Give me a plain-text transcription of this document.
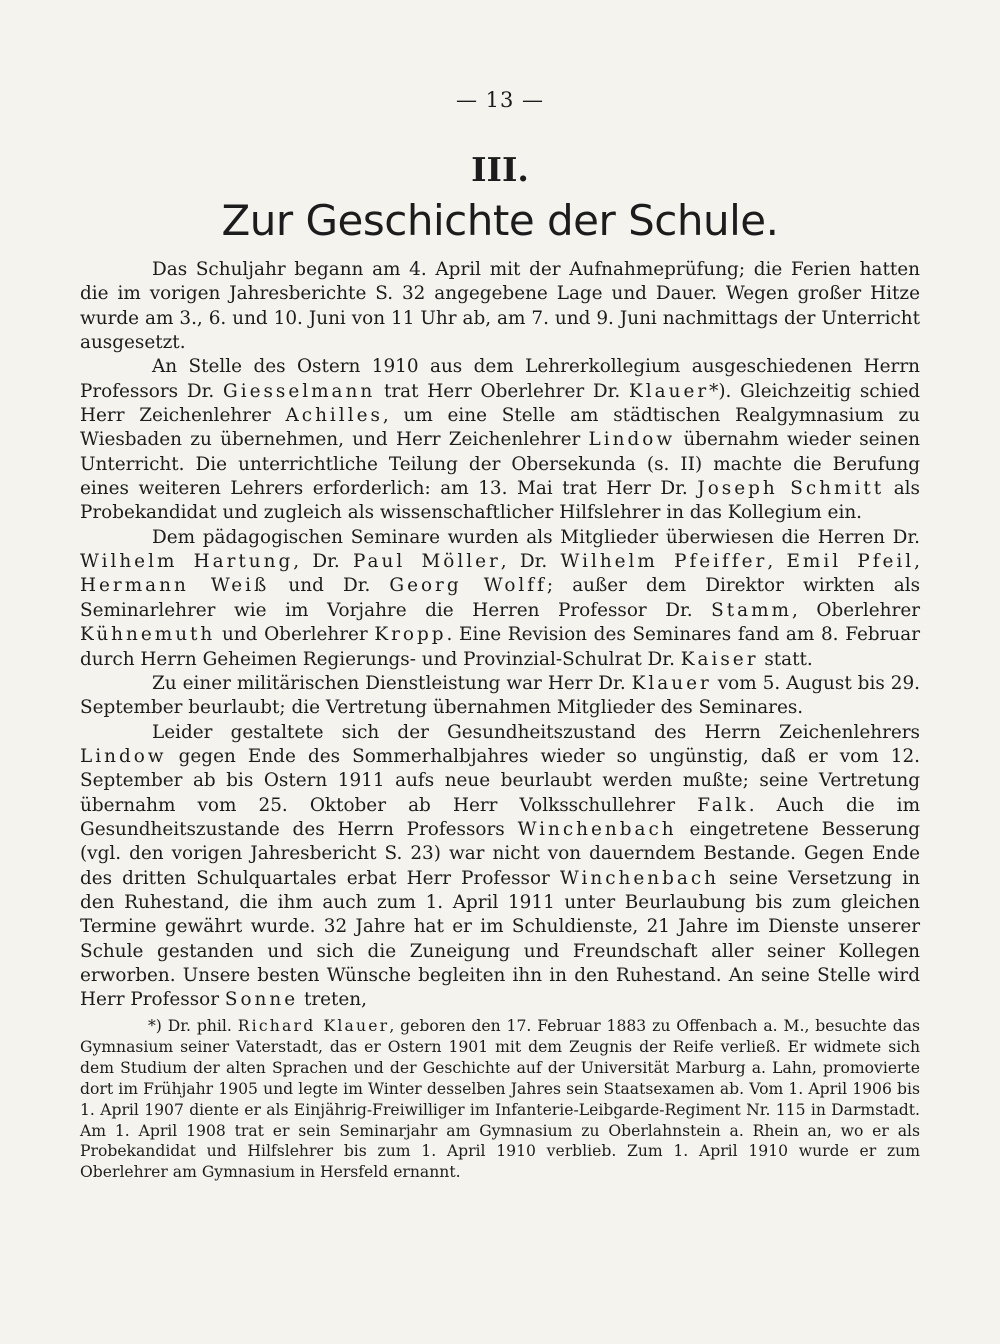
— 13 —
III.
Zur Geschichte der Schule.

Das Schuljahr begann am 4. April mit der Aufnahmeprüfung; die Ferien hatten die im vorigen Jahresberichte S. 32 angegebene Lage und Dauer. Wegen großer Hitze wurde am 3., 6. und 10. Juni von 11 Uhr ab, am 7. und 9. Juni nachmittags der Unterricht ausgesetzt.

An Stelle des Ostern 1910 aus dem Lehrerkollegium ausgeschiedenen Herrn Professors Dr. Giesselmann trat Herr Oberlehrer Dr. Klauer*). Gleichzeitig schied Herr Zeichenlehrer Achilles, um eine Stelle am städtischen Realgymnasium zu Wiesbaden zu übernehmen, und Herr Zeichenlehrer Lindow übernahm wieder seinen Unterricht. Die unterrichtliche Teilung der Obersekunda (s. II) machte die Berufung eines weiteren Lehrers erforderlich: am 13. Mai trat Herr Dr. Joseph Schmitt als Probekandidat und zugleich als wissenschaftlicher Hilfslehrer in das Kollegium ein.

Dem pädagogischen Seminare wurden als Mitglieder überwiesen die Herren Dr. Wilhelm Hartung, Dr. Paul Möller, Dr. Wilhelm Pfeiffer, Emil Pfeil, Hermann Weiß und Dr. Georg Wolff; außer dem Direktor wirkten als Seminarlehrer wie im Vorjahre die Herren Professor Dr. Stamm, Oberlehrer Kühnemuth und Oberlehrer Kropp. Eine Revision des Seminares fand am 8. Februar durch Herrn Geheimen Regierungs- und Provinzial-Schulrat Dr. Kaiser statt.

Zu einer militärischen Dienstleistung war Herr Dr. Klauer vom 5. August bis 29. September beurlaubt; die Vertretung übernahmen Mitglieder des Seminares.

Leider gestaltete sich der Gesundheitszustand des Herrn Zeichenlehrers Lindow gegen Ende des Sommerhalbjahres wieder so ungünstig, daß er vom 12. September ab bis Ostern 1911 aufs neue beurlaubt werden mußte; seine Vertretung übernahm vom 25. Oktober ab Herr Volksschullehrer Falk. Auch die im Gesundheitszustande des Herrn Professors Winchenbach eingetretene Besserung (vgl. den vorigen Jahresbericht S. 23) war nicht von dauerndem Bestande. Gegen Ende des dritten Schulquartales erbat Herr Professor Winchenbach seine Versetzung in den Ruhestand, die ihm auch zum 1. April 1911 unter Beurlaubung bis zum gleichen Termine gewährt wurde. 32 Jahre hat er im Schuldienste, 21 Jahre im Dienste unserer Schule gestanden und sich die Zuneigung und Freundschaft aller seiner Kollegen erworben. Unsere besten Wünsche begleiten ihn in den Ruhestand. An seine Stelle wird Herr Professor Sonne treten,

*) Dr. phil. Richard Klauer, geboren den 17. Februar 1883 zu Offenbach a. M., besuchte das Gymnasium seiner Vaterstadt, das er Ostern 1901 mit dem Zeugnis der Reife verließ. Er widmete sich dem Studium der alten Sprachen und der Geschichte auf der Universität Marburg a. Lahn, promovierte dort im Frühjahr 1905 und legte im Winter desselben Jahres sein Staatsexamen ab. Vom 1. April 1906 bis 1. April 1907 diente er als Einjährig-Freiwilliger im Infanterie-Leibgarde-Regiment Nr. 115 in Darmstadt. Am 1. April 1908 trat er sein Seminarjahr am Gymnasium zu Oberlahnstein a. Rhein an, wo er als Probekandidat und Hilfslehrer bis zum 1. April 1910 verblieb. Zum 1. April 1910 wurde er zum Oberlehrer am Gymnasium in Hersfeld ernannt.
